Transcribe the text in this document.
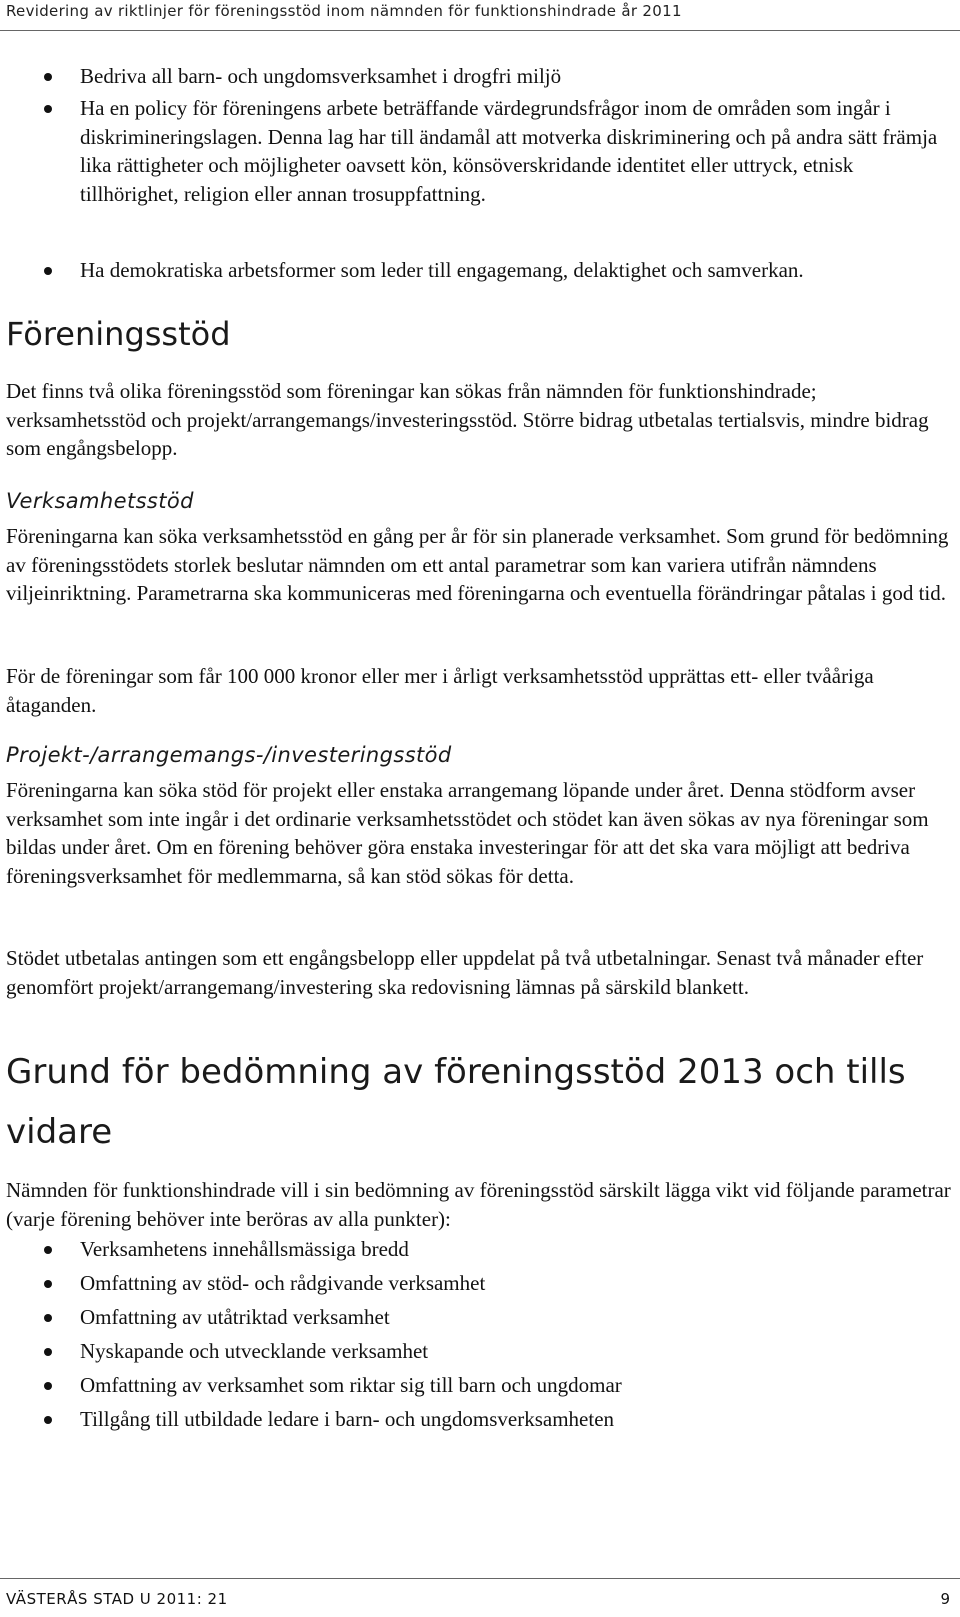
Revidering av riktlinjer för föreningsstöd inom nämnden för funktionshindrade år 2011

Bedriva all barn- och ungdomsverksamhet i drogfri miljö

Ha en policy för föreningens arbete beträffande värdegrundsfrågor inom de områden som ingår i diskrimineringslagen. Denna lag har till ändamål att motverka diskriminering och på andra sätt främja lika rättigheter och möjligheter oavsett kön, könsöverskridande identitet eller uttryck, etnisk tillhörighet, religion eller annan trosuppfattning.

Ha demokratiska arbetsformer som leder till engagemang, delaktighet och samverkan.

Föreningsstöd

Det finns två olika föreningsstöd som föreningar kan sökas från nämnden för funktionshindrade; verksamhetsstöd och projekt/arrangemangs/investeringsstöd. Större bidrag utbetalas tertialsvis, mindre bidrag som engångsbelopp.

Verksamhetsstöd

Föreningarna kan söka verksamhetsstöd en gång per år för sin planerade verksamhet. Som grund för bedömning av föreningsstödets storlek beslutar nämnden om ett antal parametrar som kan variera utifrån nämndens viljeinriktning. Parametrarna ska kommuniceras med föreningarna och eventuella förändringar påtalas i god tid.

För de föreningar som får 100 000 kronor eller mer i årligt verksamhetsstöd upprättas ett- eller tvååriga åtaganden.

Projekt-/arrangemangs-/investeringsstöd

Föreningarna kan söka stöd för projekt eller enstaka arrangemang löpande under året. Denna stödform avser verksamhet som inte ingår i det ordinarie verksamhetsstödet och stödet kan även sökas av nya föreningar som bildas under året. Om en förening behöver göra enstaka investeringar för att det ska vara möjligt att bedriva föreningsverksamhet för medlemmarna, så kan stöd sökas för detta.

Stödet utbetalas antingen som ett engångsbelopp eller uppdelat på två utbetalningar. Senast två månader efter genomfört projekt/arrangemang/investering ska redovisning lämnas på särskild blankett.

Grund för bedömning av föreningsstöd 2013 och tills vidare

Nämnden för funktionshindrade vill i sin bedömning av föreningsstöd särskilt lägga vikt vid följande parametrar (varje förening behöver inte beröras av alla punkter):

Verksamhetens innehållsmässiga bredd

Omfattning av stöd- och rådgivande verksamhet

Omfattning av utåtriktad verksamhet

Nyskapande och utvecklande verksamhet

Omfattning av verksamhet som riktar sig till barn och ungdomar

Tillgång till utbildade ledare i barn- och ungdomsverksamheten

VÄSTERÅS STAD U 2011: 21	9
